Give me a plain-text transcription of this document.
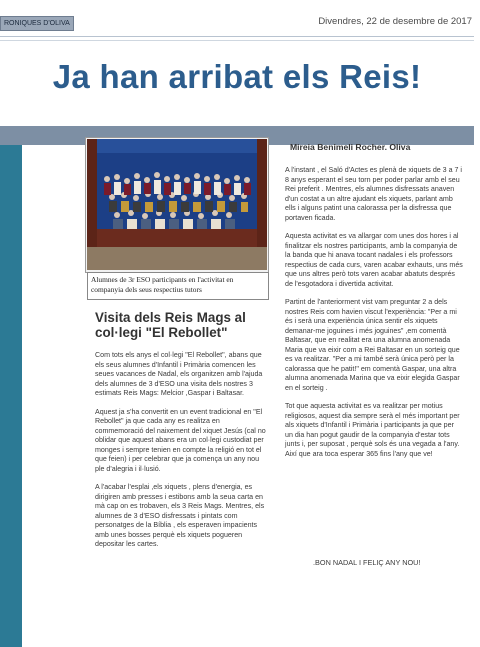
RONIQUES D'OLIVA	Divendres, 22 de desembre de 2017
Ja han arribat els Reis!
Alumnes de 3r ESO participants en l'activitat en companyia dels seus respectius tutors
Visita dels Reis Mags al col·legi "El Rebollet"

Com tots els anys el col·legi "El Rebollet", abans que els seus alumnes d'Infantil i Primària comencen les seues vacances de Nadal, els organitzen amb l'ajuda dels alumnes de 3 d'ESO una visita dels nostres 3 estimats Reis Mags: Melcior ,Gaspar i Baltasar.

Aquest ja s'ha convertit en un event tradicional en "El Rebollet" ja que cada any es realitza en commemoració del naixement del xiquet Jesús (cal no oblidar que aquest abans era un col·legi custodiat per monges i sempre tenien en compte la religió en tot el que feien) i per celebrar que ja comença un any nou ple d'alegria i il·lusió.

A l'acabar l'esplai ,els xiquets , plens d'energia, es dirigiren amb presses i estibons amb la seua carta en mà cap on es trobaven, els 3 Reis Mags. Mentres, els alumnes de 3 d'ESO disfressats i pintats com personatges de la Bíblia , els esperaven impacients amb unes bosses perquè els xiquets pogueren depositar les cartes.

Mireia Benimeli Rocher. Oliva

A l'instant , el Saló d'Actes es plenà de xiquets de 3 a 7 i 8 anys esperant el seu torn per poder parlar amb el seu Rei preferit . Mentres, els alumnes disfressats anaven d'un costat a un altre ajudant els xiquets, parlant amb ells i alguns patint una calorassa per la disfressa que portaven ficada.

Aquesta activitat es va allargar com unes dos hores i al finalitzar els nostres participants, amb la companyia de la banda que hi anava tocant nadales i els professors respectius de cada curs, varen acabar exhauts, uns més que uns altres però tots varen acabar abatuts després de l'esgotadora i divertida activitat.

Partint de l'anteriorment vist vam preguntar 2 a dels nostres Reis com havien viscut l'experiència: "Per a mi és i serà una experiència única sentir els xiquets demanar-me joguines i més joguines" ,em comentà Baltasar, que en realitat era una alumna anomenada Maria que va eixir com a Rei Baltasar en un sorteig que es va realitzar. "Per a mi també serà única però per la calorassa que he patit!" em comentà Gaspar, una altra alumna anomenada Marina que va eixir elegida Gaspar en el sorteig .

Tot que aquesta activitat es va realitzar per motius religiosos, aquest dia sempre serà el més important per als xiquets d'Infantil i Primària i participants ja que per un dia han pogut gaudir de la companyia d'estar tots junts i, per suposat , perquè sols és una vegada a l'any. Així que ara toca esperar 365 fins l'any que ve!

.BON NADAL I FELIÇ ANY NOU!
